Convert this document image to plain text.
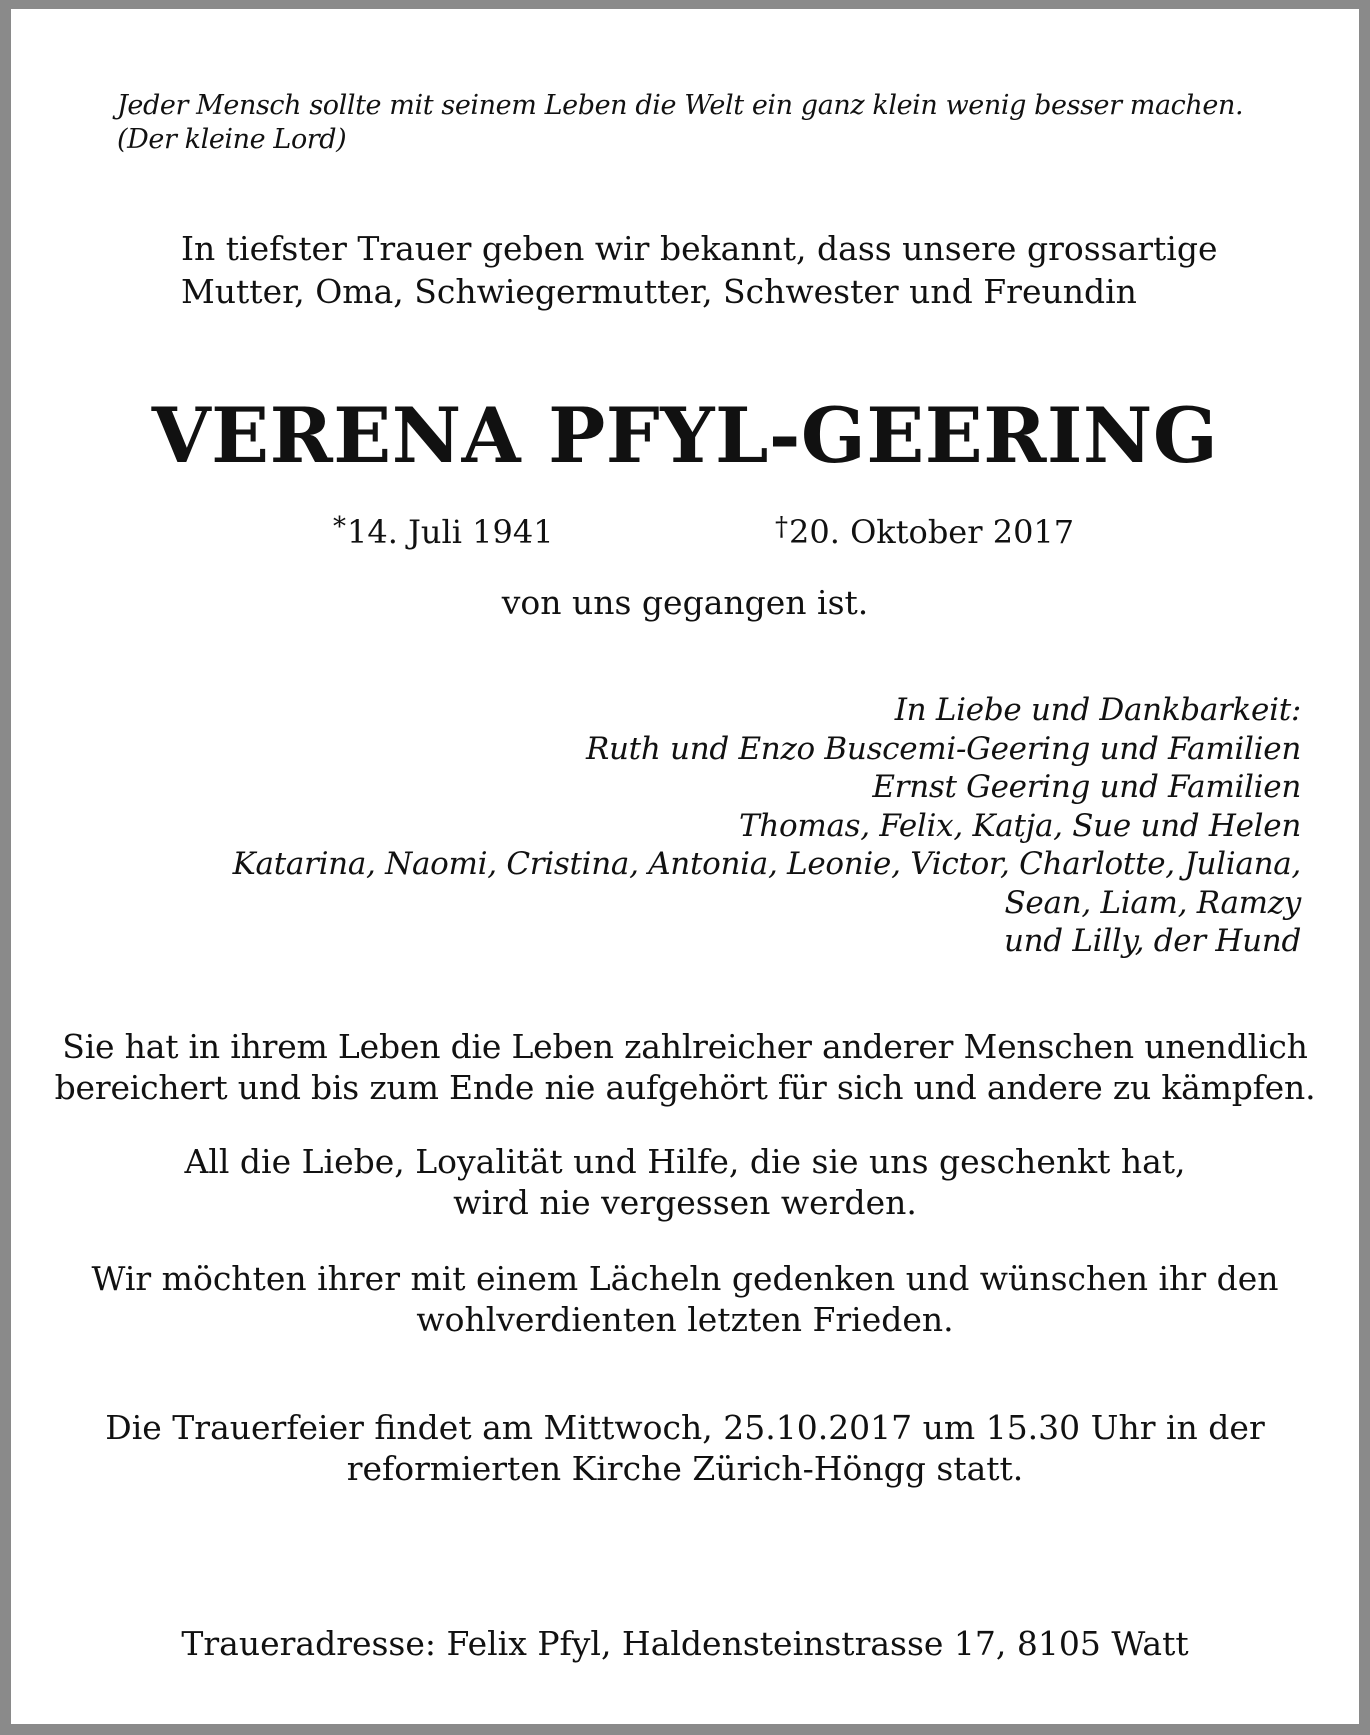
Jeder Mensch sollte mit seinem Leben die Welt ein ganz klein wenig besser machen.
(Der kleine Lord)
In tiefster Trauer geben wir bekannt, dass unsere grossartige
Mutter, Oma, Schwiegermutter, Schwester und Freundin
VERENA PFYL-GEERING
*14. Juli 1941	†20. Oktober 2017
von uns gegangen ist.
In Liebe und Dankbarkeit:
Ruth und Enzo Buscemi-Geering und Familien
Ernst Geering und Familien
Thomas, Felix, Katja, Sue und Helen
Katarina, Naomi, Cristina, Antonia, Leonie, Victor, Charlotte, Juliana,
Sean, Liam, Ramzy
und Lilly, der Hund
Sie hat in ihrem Leben die Leben zahlreicher anderer Menschen unendlich
bereichert und bis zum Ende nie aufgehört für sich und andere zu kämpfen.
All die Liebe, Loyalität und Hilfe, die sie uns geschenkt hat,
wird nie vergessen werden.
Wir möchten ihrer mit einem Lächeln gedenken und wünschen ihr den
wohlverdienten letzten Frieden.
Die Trauerfeier findet am Mittwoch, 25.10.2017 um 15.30 Uhr in der
reformierten Kirche Zürich-Höngg statt.
Traueradresse: Felix Pfyl, Haldensteinstrasse 17, 8105 Watt
